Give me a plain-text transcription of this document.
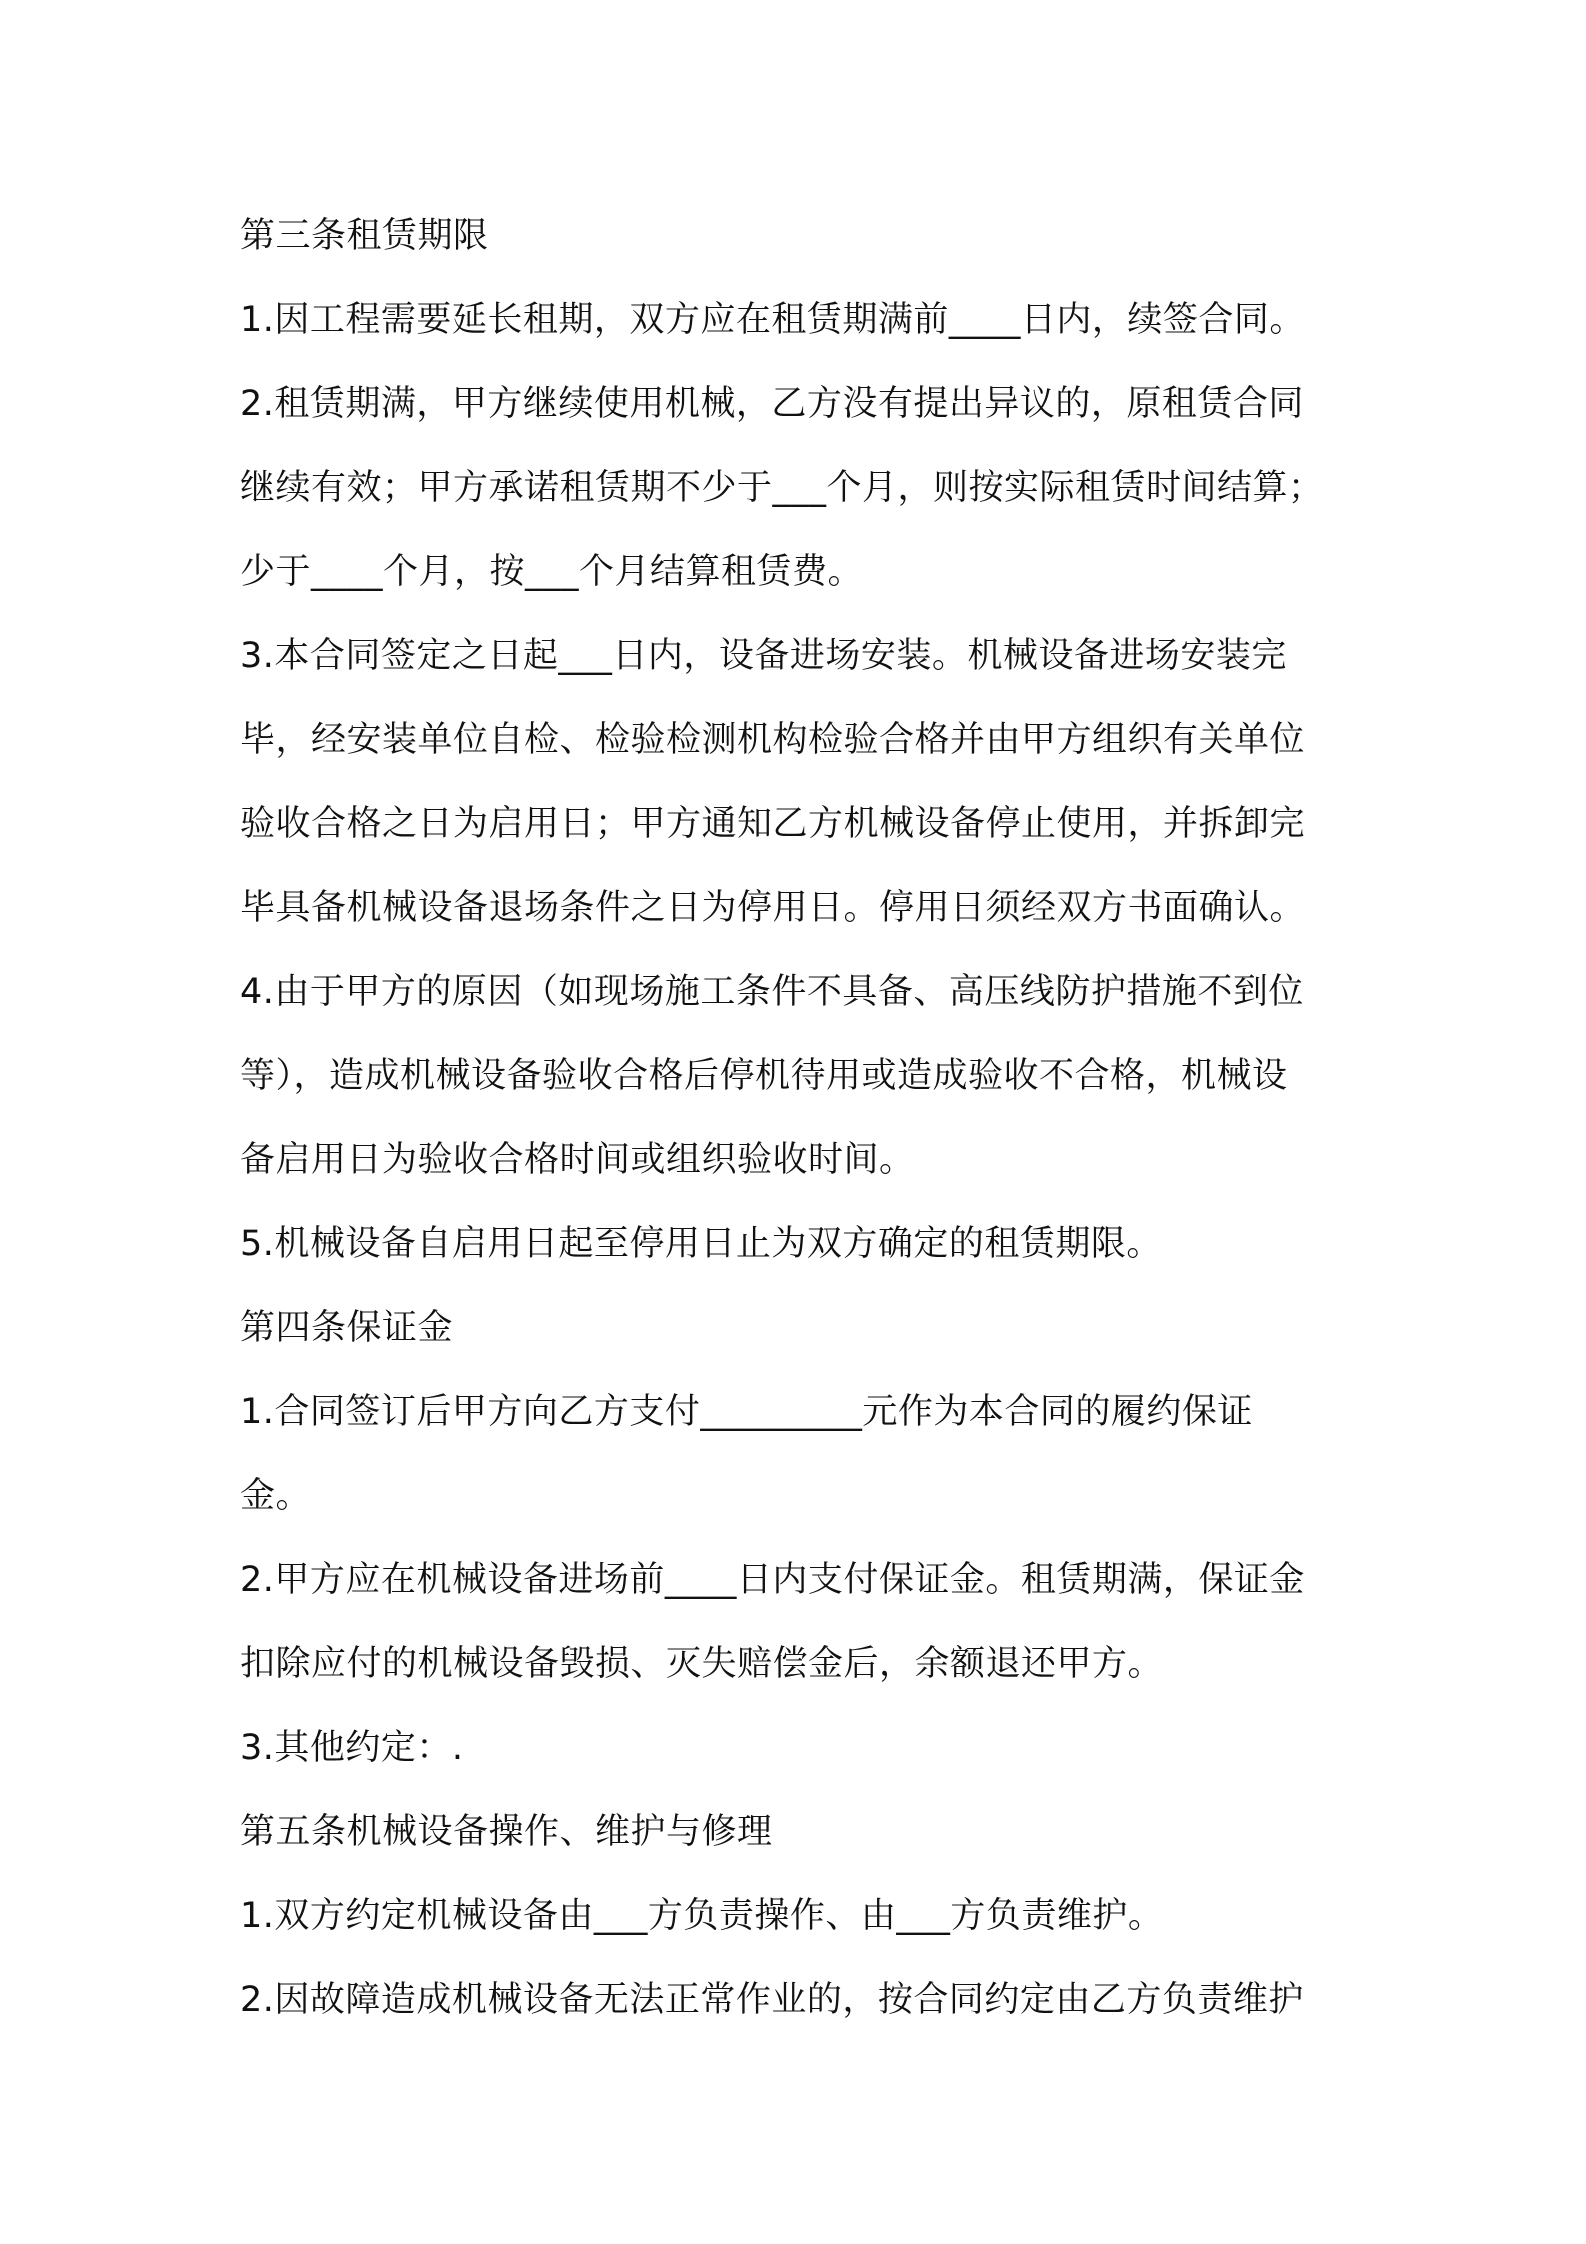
第三条租赁期限
1.因工程需要延长租期，双方应在租赁期满前____日内，续签合同。
2.租赁期满，甲方继续使用机械，乙方没有提出异议的，原租赁合同
继续有效；甲方承诺租赁期不少于___个月，则按实际租赁时间结算；
少于____个月，按___个月结算租赁费。
3.本合同签定之日起___日内，设备进场安装。机械设备进场安装完
毕，经安装单位自检、检验检测机构检验合格并由甲方组织有关单位
验收合格之日为启用日；甲方通知乙方机械设备停止使用，并拆卸完
毕具备机械设备退场条件之日为停用日。停用日须经双方书面确认。
4.由于甲方的原因（如现场施工条件不具备、高压线防护措施不到位
等），造成机械设备验收合格后停机待用或造成验收不合格，机械设
备启用日为验收合格时间或组织验收时间。
5.机械设备自启用日起至停用日止为双方确定的租赁期限。
第四条保证金
1.合同签订后甲方向乙方支付_________元作为本合同的履约保证
金。
2.甲方应在机械设备进场前____日内支付保证金。租赁期满，保证金
扣除应付的机械设备毁损、灭失赔偿金后，余额退还甲方。
3.其他约定：.
第五条机械设备操作、维护与修理
1.双方约定机械设备由___方负责操作、由___方负责维护。
2.因故障造成机械设备无法正常作业的，按合同约定由乙方负责维护
